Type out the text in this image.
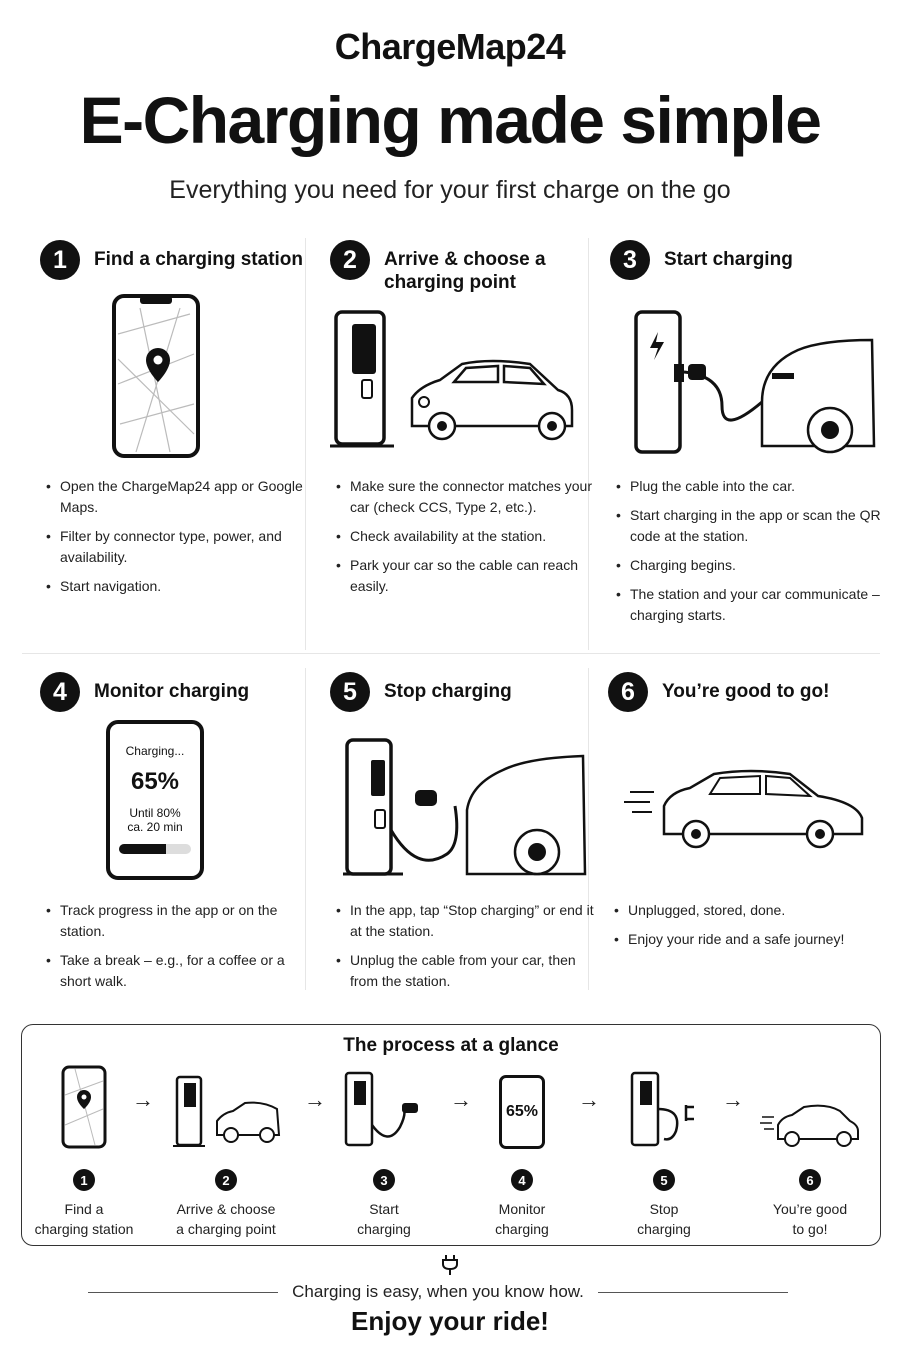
ChargeMap24
E-Charging made simple
Everything you need for your first charge on the go
1	Find a charging station
• Open the ChargeMap24 app or Google Maps.
• Filter by connector type, power, and availability.
• Start navigation.
2	Arrive & choose a charging point
• Make sure the connector matches your car (check CCS, Type 2, etc.).
• Check availability at the station.
• Park your car so the cable can reach easily.
3	Start charging
• Plug the cable into the car.
• Start charging in the app or scan the QR code at the station.
• Charging begins.
• The station and your car communicate – charging starts.
4	Monitor charging
Charging...
65%
Until 80%
ca. 20 min
• Track progress in the app or on the station.
• Take a break – e.g., for a coffee or a short walk.
5	Stop charging
• In the app, tap “Stop charging” or end it at the station.
• Unplug the cable from your car, then from the station.
6	You’re good to go!
• Unplugged, stored, done.
• Enjoy your ride and a safe journey!
The process at a glance
1
Find a
charging station
→
2
Arrive & choose
a charging point
→
3
Start
charging
→	65%
4
Monitor
charging
→
5
Stop
charging
→
6
You’re good
to go!
Charging is easy, when you know how.
Enjoy your ride!
